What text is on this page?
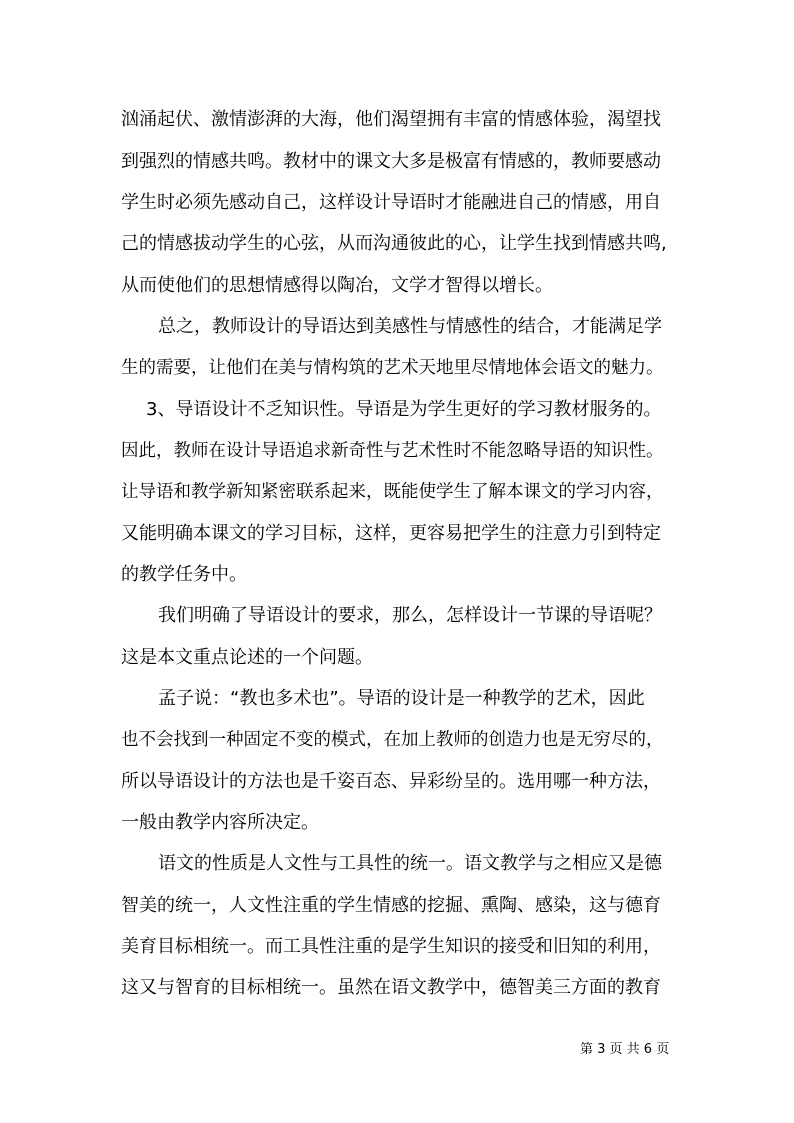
汹涌起伏、激情澎湃的大海，他们渴望拥有丰富的情感体验，渴望找
到强烈的情感共鸣。教材中的课文大多是极富有情感的，教师要感动
学生时必须先感动自己，这样设计导语时才能融进自己的情感，用自
己的情感拔动学生的心弦，从而沟通彼此的心，让学生找到情感共鸣,
从而使他们的思想情感得以陶冶，文学才智得以增长。
总之，教师设计的导语达到美感性与情感性的结合，才能满足学
生的需要，让他们在美与情构筑的艺术天地里尽情地体会语文的魅力。
3、导语设计不乏知识性。导语是为学生更好的学习教材服务的。
因此，教师在设计导语追求新奇性与艺术性时不能忽略导语的知识性。
让导语和教学新知紧密联系起来，既能使学生了解本课文的学习内容，
又能明确本课文的学习目标，这样，更容易把学生的注意力引到特定
的教学任务中。
我们明确了导语设计的要求，那么，怎样设计一节课的导语呢？
这是本文重点论述的一个问题。
孟子说：“教也多术也”。导语的设计是一种教学的艺术，因此
也不会找到一种固定不变的模式，在加上教师的创造力也是无穷尽的，
所以导语设计的方法也是千姿百态、异彩纷呈的。选用哪一种方法，
一般由教学内容所决定。
语文的性质是人文性与工具性的统一。语文教学与之相应又是德
智美的统一，人文性注重的学生情感的挖掘、熏陶、感染，这与德育
美育目标相统一。而工具性注重的是学生知识的接受和旧知的利用，
这又与智育的目标相统一。虽然在语文教学中，德智美三方面的教育
第 3 页 共 6 页
